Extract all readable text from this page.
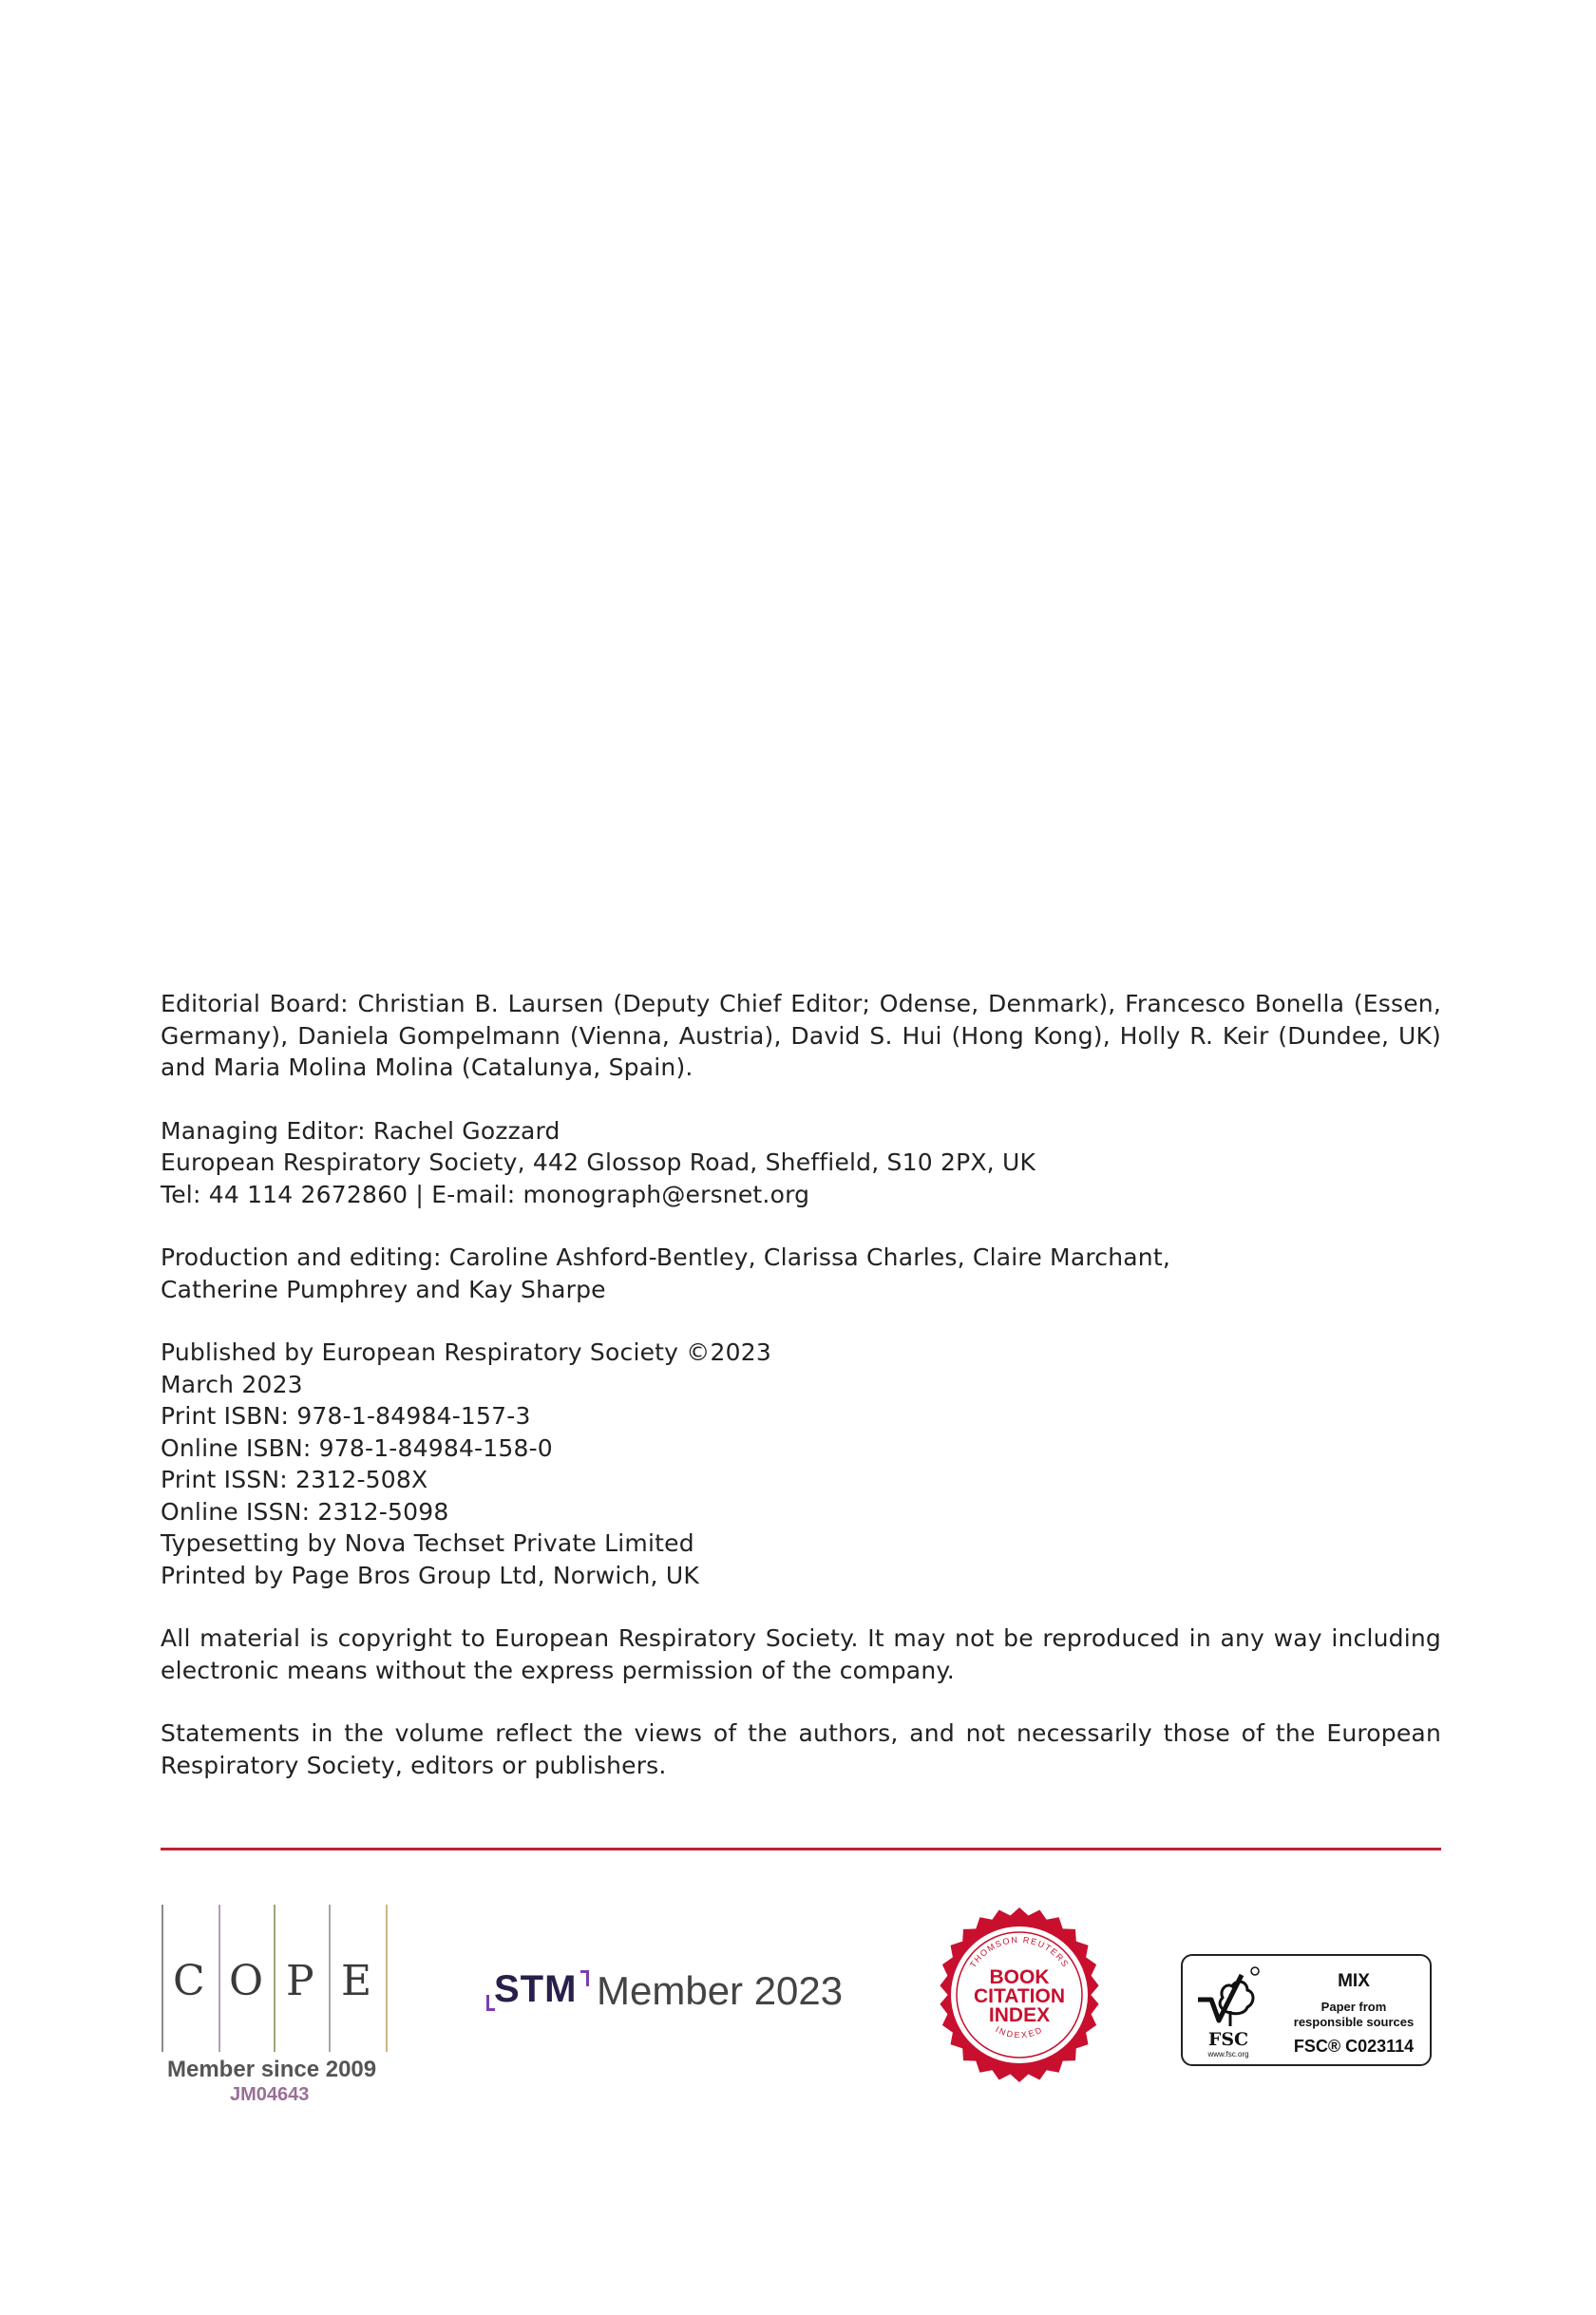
Editorial Board: Christian B. Laursen (Deputy Chief Editor; Odense, Denmark), Francesco Bonella (Essen, Germany), Daniela Gompelmann (Vienna, Austria), David S. Hui (Hong Kong), Holly R. Keir (Dundee, UK) and Maria Molina Molina (Catalunya, Spain).

Managing Editor: Rachel Gozzard
European Respiratory Society, 442 Glossop Road, Sheffield, S10 2PX, UK
Tel: 44 114 2672860 | E-mail: monograph@ersnet.org

Production and editing: Caroline Ashford-Bentley, Clarissa Charles, Claire Marchant,
Catherine Pumphrey and Kay Sharpe

Published by European Respiratory Society ©2023
March 2023
Print ISBN: 978-1-84984-157-3
Online ISBN: 978-1-84984-158-0
Print ISSN: 2312-508X
Online ISSN: 2312-5098
Typesetting by Nova Techset Private Limited
Printed by Page Bros Group Ltd, Norwich, UK

All material is copyright to European Respiratory Society. It may not be reproduced in any way including electronic means without the express permission of the company.

Statements in the volume reflect the views of the authors, and not necessarily those of the European Respiratory Society, editors or publishers.

C O P E
Member since 2009
JM04643
STM Member 2023
THOMSON REUTERS
BOOK
CITATION
INDEX
INDEXED	FSC
www.fsc.org
MIX
Paper from
responsible sources
FSC® C023114
